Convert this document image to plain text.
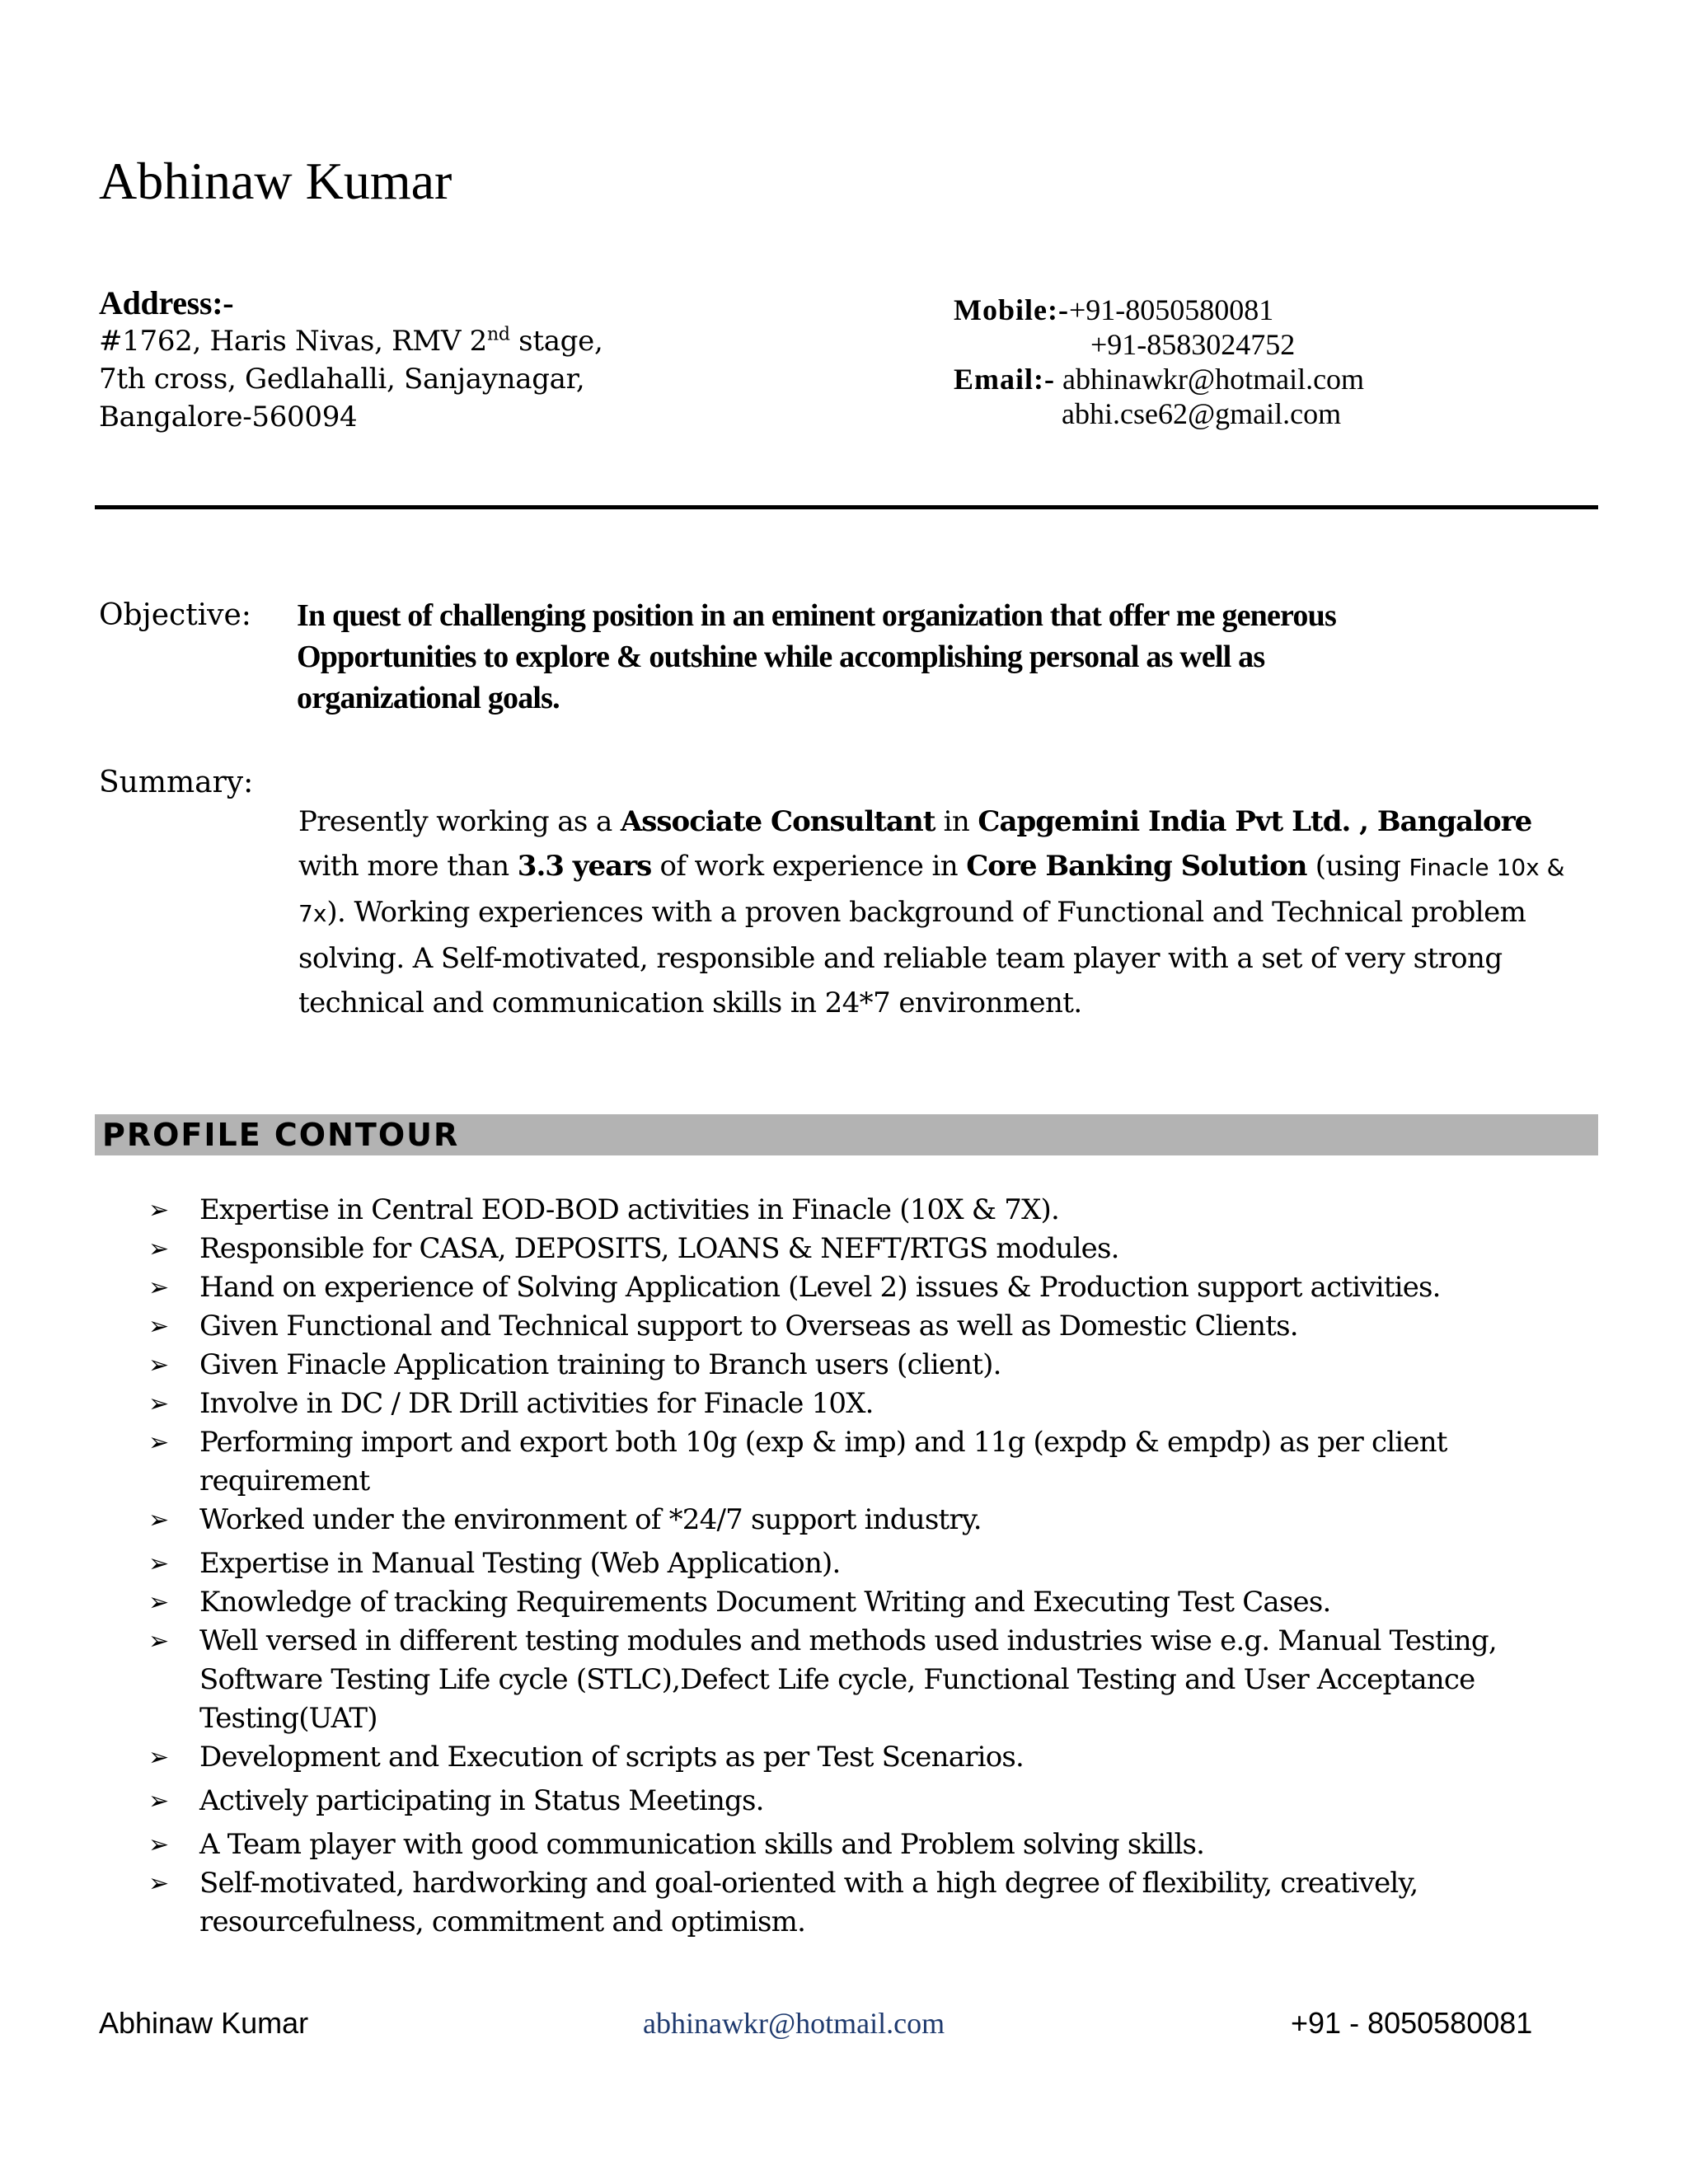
Abhinaw Kumar
Address:-
#1762, Haris Nivas, RMV 2nd stage,
7th cross, Gedlahalli, Sanjaynagar,
Bangalore-560094
Mobile:-+91-8050580081
+91-8583024752
Email:- abhinawkr@hotmail.com
abhi.cse62@gmail.com
Objective: In quest of challenging position in an eminent organization that offer me generous
Opportunities to explore & outshine while accomplishing personal as well as
organizational goals.
Summary:
Presently working as a Associate Consultant in Capgemini India Pvt Ltd. , Bangalore with more than 3.3 years of work experience in Core Banking Solution (using Finacle 10x & 7x). Working experiences with a proven background of Functional and Technical problem solving. A Self-motivated, responsible and reliable team player with a set of very strong technical and communication skills in 24*7 environment.
PROFILE CONTOUR
➢ Expertise in Central EOD-BOD activities in Finacle (10X & 7X).
➢ Responsible for CASA, DEPOSITS, LOANS & NEFT/RTGS modules.
➢ Hand on experience of Solving Application (Level 2) issues & Production support activities.
➢ Given Functional and Technical support to Overseas as well as Domestic Clients.
➢ Given Finacle Application training to Branch users (client).
➢ Involve in DC / DR Drill activities for Finacle 10X.
➢ Performing import and export both 10g (exp & imp) and 11g (expdp & empdp) as per client requirement
➢ Worked under the environment of *24/7 support industry.
➢ Expertise in Manual Testing (Web Application).
➢ Knowledge of tracking Requirements Document Writing and Executing Test Cases.
➢ Well versed in different testing modules and methods used industries wise e.g. Manual Testing, Software Testing Life cycle (STLC),Defect Life cycle, Functional Testing and User Acceptance Testing(UAT)
➢ Development and Execution of scripts as per Test Scenarios.
➢ Actively participating in Status Meetings.
➢ A Team player with good communication skills and Problem solving skills.
➢ Self-motivated, hardworking and goal-oriented with a high degree of flexibility, creatively, resourcefulness, commitment and optimism.
Abhinaw Kumar	abhinawkr@hotmail.com	+91 - 8050580081
